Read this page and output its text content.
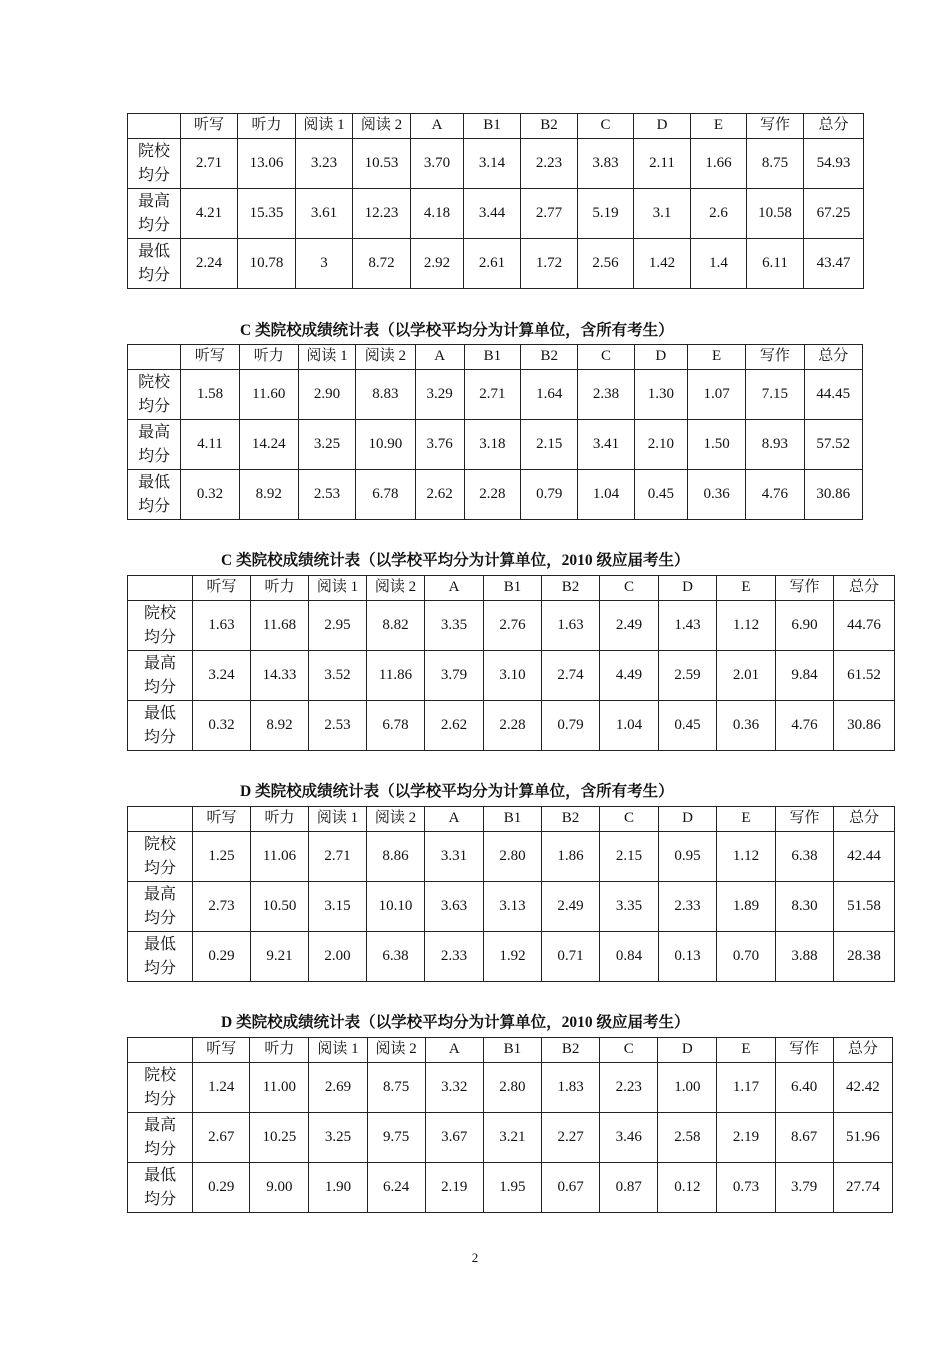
	听写	听力	阅读 1	阅读 2	A	B1	B2	C	D	E	写作	总分

院校
均分	2.71	13.06	3.23	10.53	3.70	3.14	2.23	3.83	2.11	1.66	8.75	54.93

最高
均分	4.21	15.35	3.61	12.23	4.18	3.44	2.77	5.19	3.1	2.6	10.58	67.25

最低
均分	2.24	10.78	3	8.72	2.92	2.61	1.72	2.56	1.42	1.4	6.11	43.47
C 类院校成绩统计表（以学校平均分为计算单位，含所有考生）
	听写	听力	阅读 1	阅读 2	A	B1	B2	C	D	E	写作	总分

院校
均分	1.58	11.60	2.90	8.83	3.29	2.71	1.64	2.38	1.30	1.07	7.15	44.45

最高
均分	4.11	14.24	3.25	10.90	3.76	3.18	2.15	3.41	2.10	1.50	8.93	57.52

最低
均分	0.32	8.92	2.53	6.78	2.62	2.28	0.79	1.04	0.45	0.36	4.76	30.86
C 类院校成绩统计表（以学校平均分为计算单位，2010 级应届考生）
	听写	听力	阅读 1	阅读 2	A	B1	B2	C	D	E	写作	总分

院校
均分	1.63	11.68	2.95	8.82	3.35	2.76	1.63	2.49	1.43	1.12	6.90	44.76

最高
均分	3.24	14.33	3.52	11.86	3.79	3.10	2.74	4.49	2.59	2.01	9.84	61.52

最低
均分	0.32	8.92	2.53	6.78	2.62	2.28	0.79	1.04	0.45	0.36	4.76	30.86
D 类院校成绩统计表（以学校平均分为计算单位，含所有考生）
	听写	听力	阅读 1	阅读 2	A	B1	B2	C	D	E	写作	总分

院校
均分	1.25	11.06	2.71	8.86	3.31	2.80	1.86	2.15	0.95	1.12	6.38	42.44

最高
均分	2.73	10.50	3.15	10.10	3.63	3.13	2.49	3.35	2.33	1.89	8.30	51.58

最低
均分	0.29	9.21	2.00	6.38	2.33	1.92	0.71	0.84	0.13	0.70	3.88	28.38
D 类院校成绩统计表（以学校平均分为计算单位，2010 级应届考生）
	听写	听力	阅读 1	阅读 2	A	B1	B2	C	D	E	写作	总分

院校
均分	1.24	11.00	2.69	8.75	3.32	2.80	1.83	2.23	1.00	1.17	6.40	42.42

最高
均分	2.67	10.25	3.25	9.75	3.67	3.21	2.27	3.46	2.58	2.19	8.67	51.96

最低
均分	0.29	9.00	1.90	6.24	2.19	1.95	0.67	0.87	0.12	0.73	3.79	27.74
2
